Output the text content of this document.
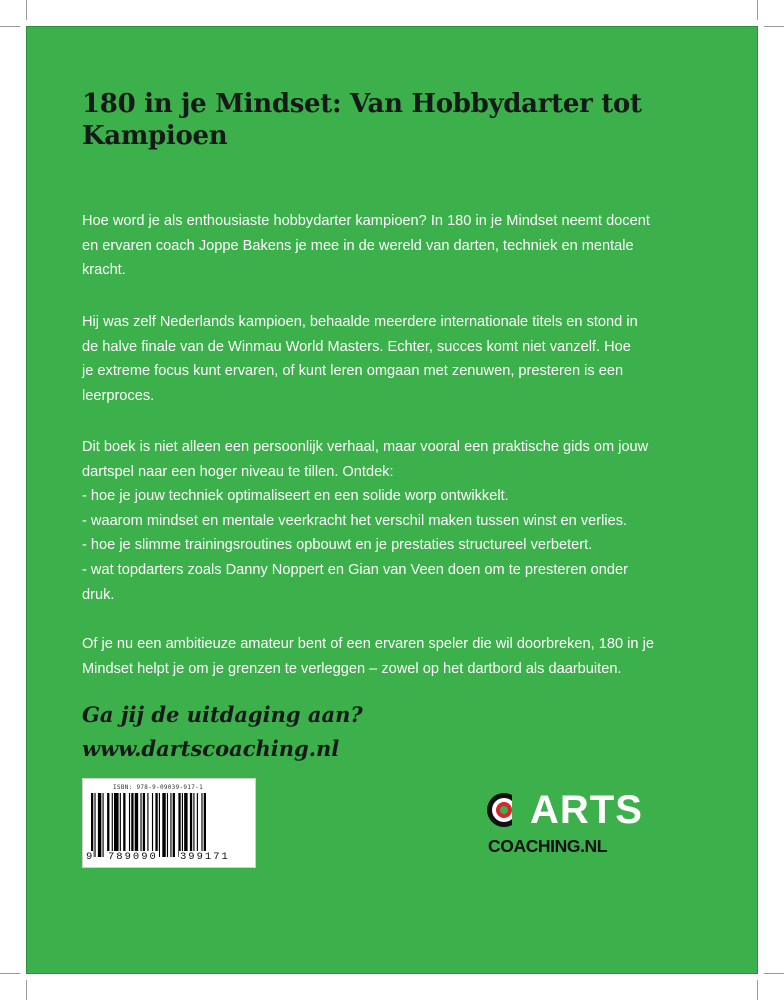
180 in je Mindset: Van Hobbydarter tot
Kampioen

Hoe word je als enthousiaste hobbydarter kampioen? In 180 in je Mindset neemt docent

en ervaren coach Joppe Bakens je mee in de wereld van darten, techniek en mentale

kracht.

Hij was zelf Nederlands kampioen, behaalde meerdere internationale titels en stond in

de halve finale van de Winmau World Masters. Echter, succes komt niet vanzelf. Hoe

je extreme focus kunt ervaren, of kunt leren omgaan met zenuwen, presteren is een

leerproces.

Dit boek is niet alleen een persoonlijk verhaal, maar vooral een praktische gids om jouw

dartspel naar een hoger niveau te tillen. Ontdek:

- hoe je jouw techniek optimaliseert en een solide worp ontwikkelt.

- waarom mindset en mentale veerkracht het verschil maken tussen winst en verlies.

- hoe je slimme trainingsroutines opbouwt en je prestaties structureel verbetert.

- wat topdarters zoals Danny Noppert en Gian van Veen doen om te presteren onder

druk.

Of je nu een ambitieuze amateur bent of een ervaren speler die wil doorbreken, 180 in je

Mindset helpt je om je grenzen te verleggen – zowel op het dartbord als daarbuiten.

Ga jij de uitdaging aan?
www.dartscoaching.nl
ISBN: 978-9-09039-917-1
9 789090 399171
ARTS
COACHING.NL
